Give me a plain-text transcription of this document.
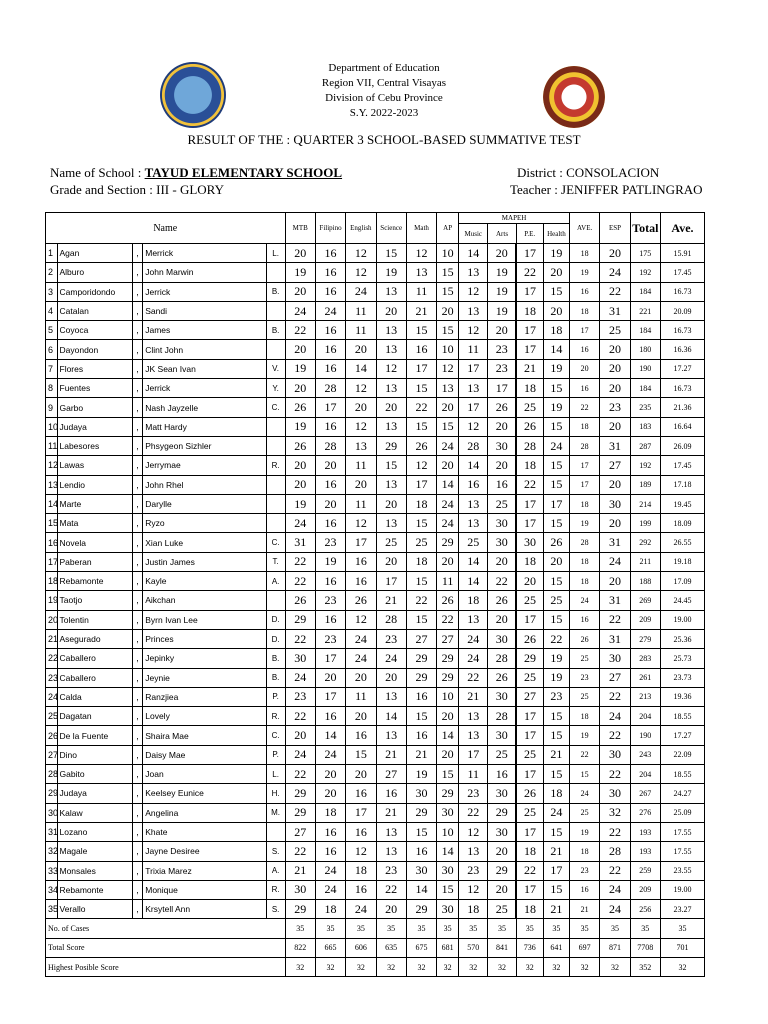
Department of Education
Region VII, Central Visayas
Division of Cebu Province
S.Y. 2022-2023
RESULT OF THE : QUARTER 3 SCHOOL-BASED SUMMATIVE TEST
Name of School : TAYUD ELEMENTARY SCHOOL
Grade and Section : III - GLORY
District : CONSOLACION
Teacher : JENIFFER PATLINGRAO
Name					MTB	Filipino	English	Science	Math	AP	MAPEH				AVE.	ESP	Total	Ave.
											Music	Arts	P.E.	Health				
1	Agan	,	Merrick	L.	20	16	12	15	12	10	14	20	17	19	18	20	175	15.91
2	Alburo	,	John Marwin		19	16	12	19	13	15	13	19	22	20	19	24	192	17.45
3	Camporidondo	,	Jerrick	B.	20	16	24	13	11	15	12	19	17	15	16	22	184	16.73
4	Catalan	,	Sandi		24	24	11	20	21	20	13	19	18	20	18	31	221	20.09
5	Coyoca	,	James	B.	22	16	11	13	15	15	12	20	17	18	17	25	184	16.73
6	Dayondon	,	Clint John		20	16	20	13	16	10	11	23	17	14	16	20	180	16.36
7	Flores	,	JK Sean Ivan	V.	19	16	14	12	17	12	17	23	21	19	20	20	190	17.27
8	Fuentes	,	Jerrick	Y.	20	28	12	13	15	13	13	17	18	15	16	20	184	16.73
9	Garbo	,	Nash Jayzelle	C.	26	17	20	20	22	20	17	26	25	19	22	23	235	21.36
10	Judaya	,	Matt Hardy		19	16	12	13	15	15	12	20	26	15	18	20	183	16.64
11	Labesores	,	Phsygeon Sizhler		26	28	13	29	26	24	28	30	28	24	28	31	287	26.09
12	Lawas	,	Jerrymae	R.	20	20	11	15	12	20	14	20	18	15	17	27	192	17.45
13	Lendio	,	John Rhel		20	16	20	13	17	14	16	16	22	15	17	20	189	17.18
14	Marte	,	Darylle		19	20	11	20	18	24	13	25	17	17	18	30	214	19.45
15	Mata	,	Ryzo		24	16	12	13	15	24	13	30	17	15	19	20	199	18.09
16	Novela	,	Xian Luke	C.	31	23	17	25	25	29	25	30	30	26	28	31	292	26.55
17	Paberan	,	Justin James	T.	22	19	16	20	18	20	14	20	18	20	18	24	211	19.18
18	Rebamonte	,	Kayle	A.	22	16	16	17	15	11	14	22	20	15	18	20	188	17.09
19	Taotjo	,	Aikchan		26	23	26	21	22	26	18	26	25	25	24	31	269	24.45
20	Tolentin	,	Byrn Ivan Lee	D.	29	16	12	28	15	22	13	20	17	15	16	22	209	19.00
21	Asegurado	,	Princes	D.	22	23	24	23	27	27	24	30	26	22	26	31	279	25.36
22	Caballero	,	Jepinky	B.	30	17	24	24	29	29	24	28	29	19	25	30	283	25.73
23	Caballero	,	Jeynie	B.	24	20	20	20	29	29	22	26	25	19	23	27	261	23.73
24	Calda	,	Ranzjiea	P.	23	17	11	13	16	10	21	30	27	23	25	22	213	19.36
25	Dagatan	,	Lovely	R.	22	16	20	14	15	20	13	28	17	15	18	24	204	18.55
26	De la Fuente	,	Shaira Mae	C.	20	14	16	13	16	14	13	30	17	15	19	22	190	17.27
27	Dino	,	Daisy Mae	P.	24	24	15	21	21	20	17	25	25	21	22	30	243	22.09
28	Gabito	,	Joan	L.	22	20	20	27	19	15	11	16	17	15	15	22	204	18.55
29	Judaya	,	Keelsey Eunice	H.	29	20	16	16	30	29	23	30	26	18	24	30	267	24.27
30	Kalaw	,	Angelina	M.	29	18	17	21	29	30	22	29	25	24	25	32	276	25.09
31	Lozano	,	Khate		27	16	16	13	15	10	12	30	17	15	19	22	193	17.55
32	Magale	,	Jayne Desiree	S.	22	16	12	13	16	14	13	20	18	21	18	28	193	17.55
33	Monsales	,	Trixia Marez	A.	21	24	18	23	30	30	23	29	22	17	23	22	259	23.55
34	Rebamonte	,	Monique	R.	30	24	16	22	14	15	12	20	17	15	16	24	209	19.00
35	Verallo	,	Krsytell Ann	S.	29	18	24	20	29	30	18	25	18	21	21	24	256	23.27
No. of Cases					35	35	35	35	35	35	35	35	35	35	35	35	35	35
Total Score					822	665	606	635	675	681	570	841	736	641	697	871	7708	701
Highest Posible Score					32	32	32	32	32	32	32	32	32	32	32	32	352	32
